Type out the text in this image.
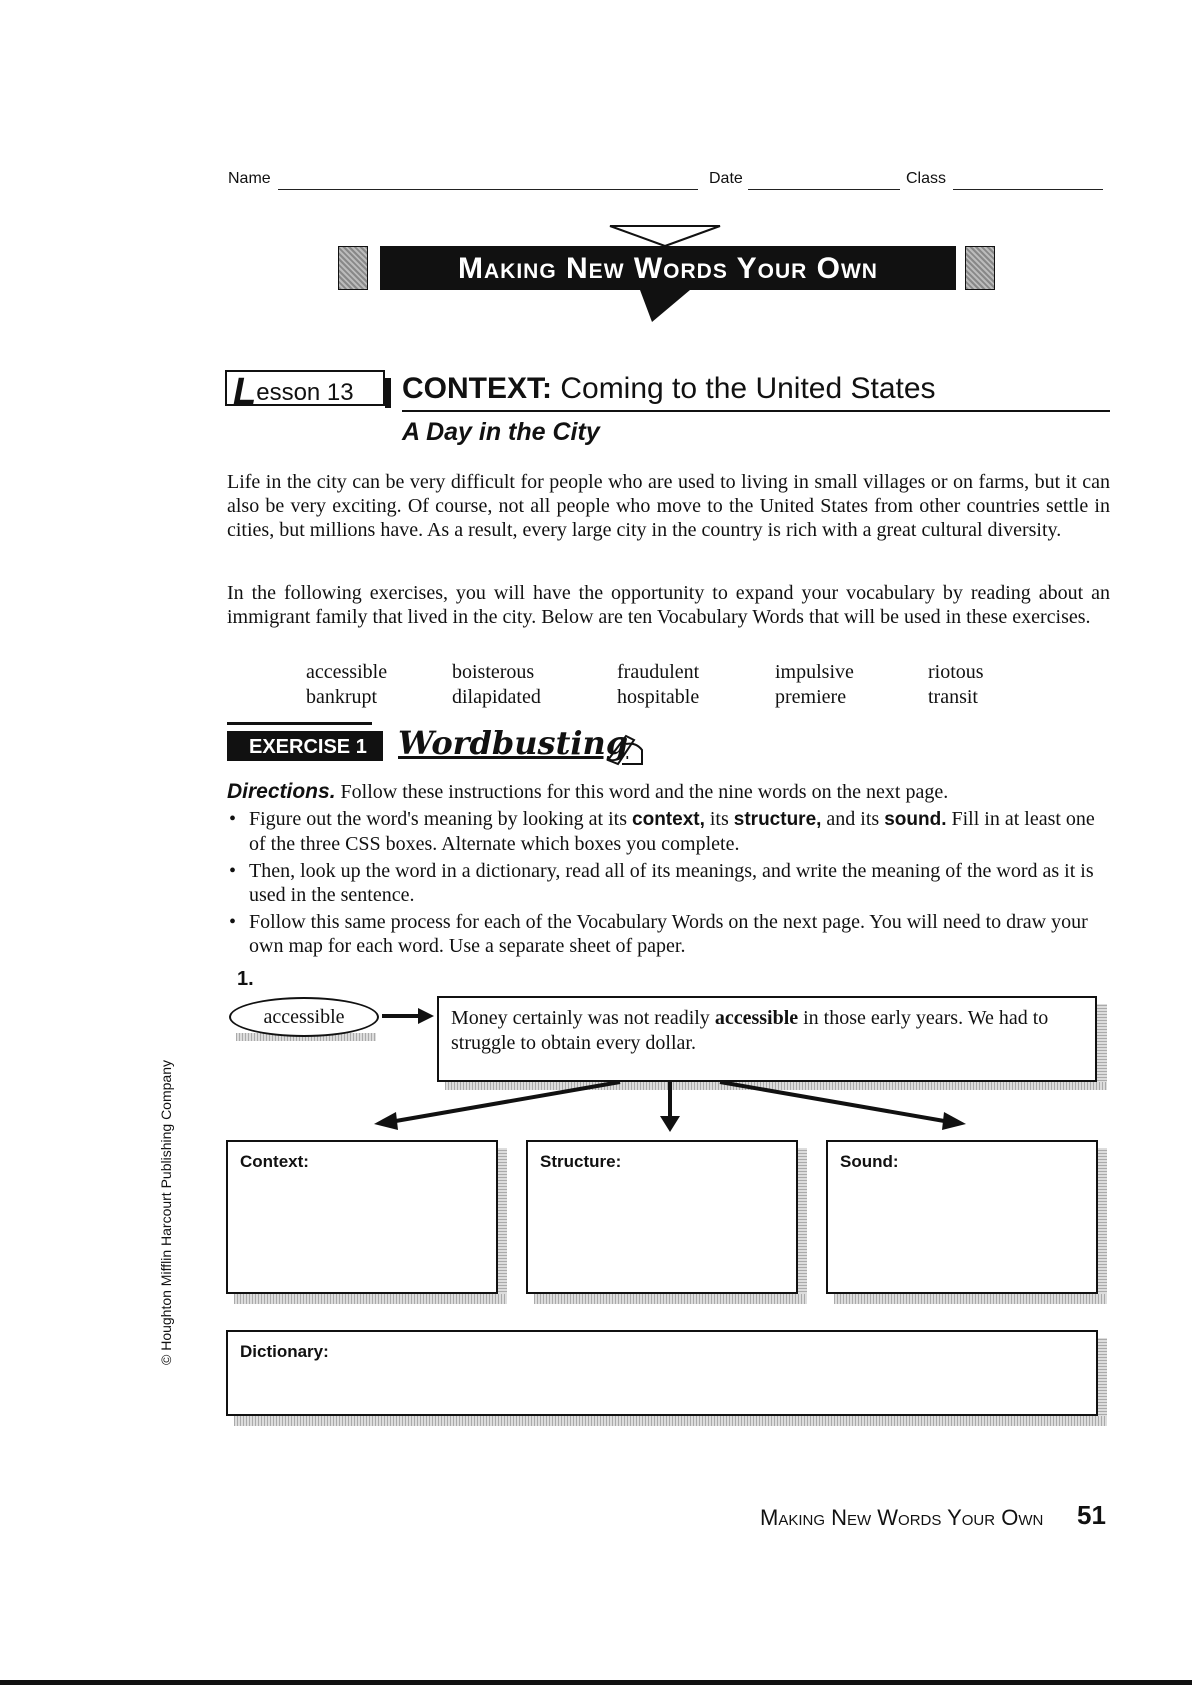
Name	Date	Class
Making New Words Your Own
Lesson 13	CONTEXT: Coming to the United States
A Day in the City

Life in the city can be very difficult for people who are used to living in small villages or on farms, but it can also be very exciting. Of course, not all people who move to the United States from other countries settle in cities, but millions have. As a result, every large city in the country is rich with a great cultural diversity.

In the following exercises, you will have the opportunity to expand your vocabulary by reading about an immigrant family that lived in the city. Below are ten Vocabulary Words that will be used in these exercises.

accessible	boisterous	fraudulent	impulsive	riotous
bankrupt	dilapidated	hospitable	premiere	transit
EXERCISE 1 Wordbusting
Directions. Follow these instructions for this word and the nine words on the next page.
• Figure out the word's meaning by looking at its context, its structure, and its sound. Fill in at least one of the three CSS boxes. Alternate which boxes you complete.
• Then, look up the word in a dictionary, read all of its meanings, and write the meaning of the word as it is used in the sentence.
• Follow this same process for each of the Vocabulary Words on the next page. You will need to draw your own map for each word. Use a separate sheet of paper.
1.
accessible	Money certainly was not readily accessible in those early years. We had to struggle to obtain every dollar.
Context:	Structure:	Sound:
Dictionary:
© Houghton Mifflin Harcourt Publishing Company
Making New Words Your Own 51
